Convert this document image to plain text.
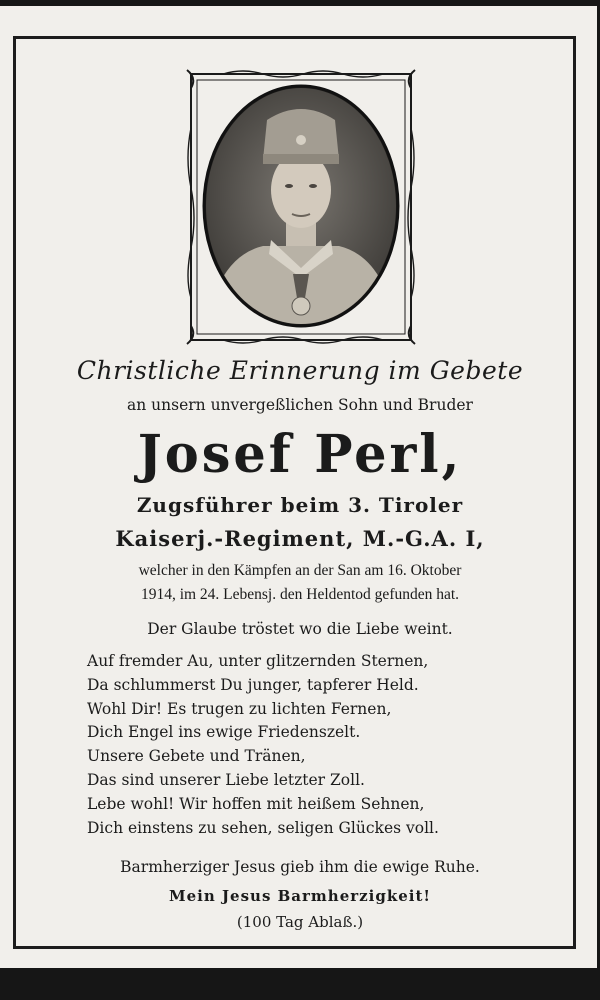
Christliche Erinnerung im Gebete
an unsern unvergeßlichen Sohn und Bruder
Josef Perl,
Zugsführer beim 3. Tiroler
Kaiserj.-Regiment, M.-G.A. I,
welcher in den Kämpfen an der San am 16. Oktober
1914, im 24. Lebensj. den Heldentod gefunden hat.
Der Glaube tröstet wo die Liebe weint.
Auf fremder Au, unter glitzernden Sternen,
Da schlummerst Du junger, tapferer Held.
Wohl Dir! Es trugen zu lichten Fernen,
Dich Engel ins ewige Friedenszelt.
Unsere Gebete und Tränen,
Das sind unserer Liebe letzter Zoll.
Lebe wohl! Wir hoffen mit heißem Sehnen,
Dich einstens zu sehen, seligen Glückes voll.
Barmherziger Jesus gieb ihm die ewige Ruhe.
Mein Jesus Barmherzigkeit!
(100 Tag Ablaß.)
